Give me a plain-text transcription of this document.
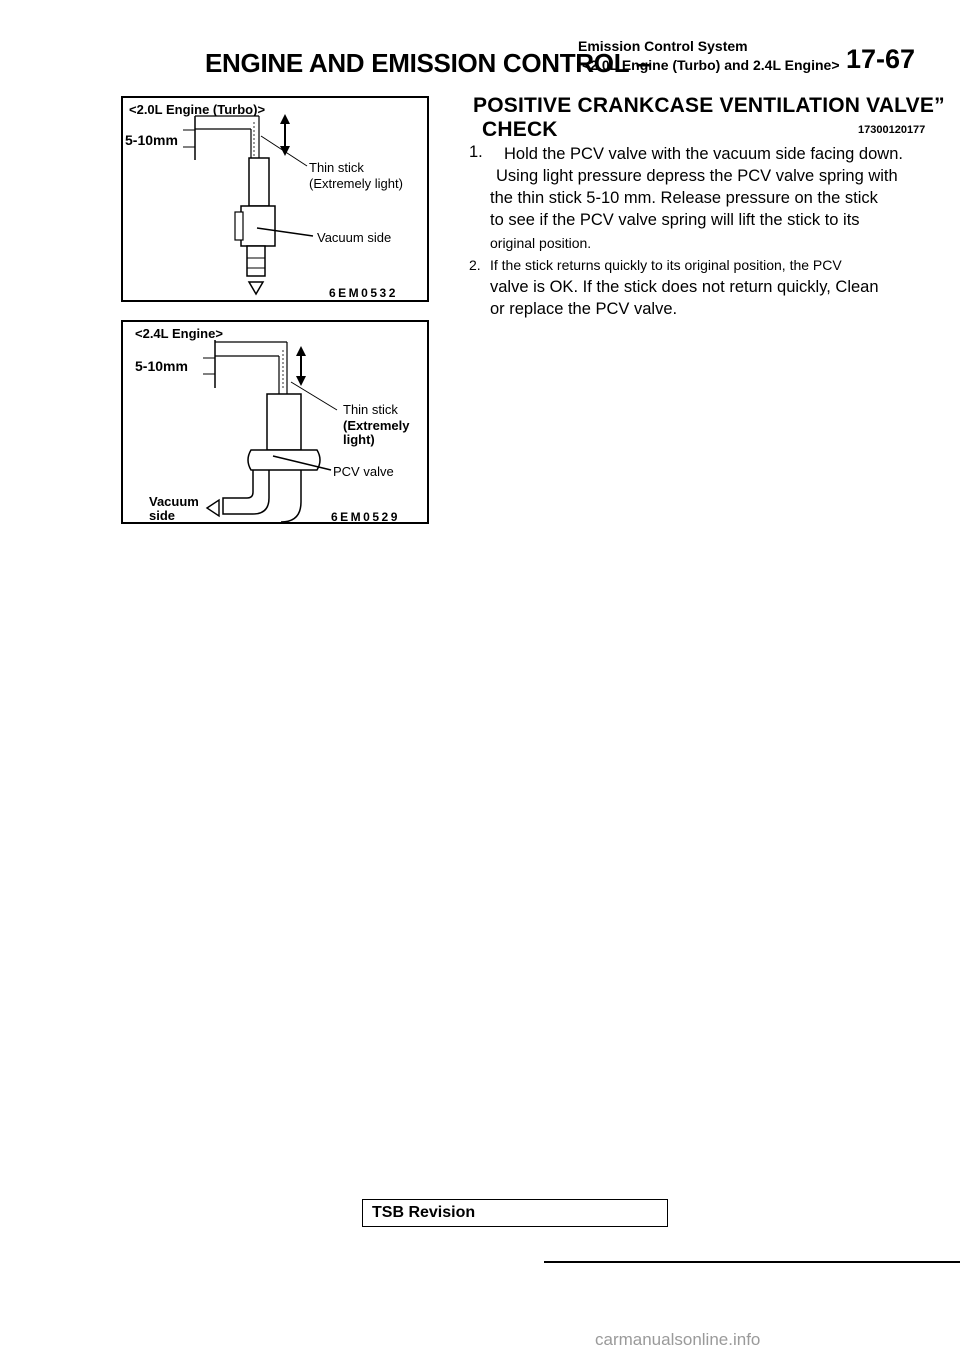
ENGINE AND EMISSION CONTROL –
Emission Control System
<2.0L Engine (Turbo) and 2.4L Engine> 17-67
<2.0L Engine (Turbo)>
5-10mm
Thin stick
(Extremely light)
Vacuum side
6EM0532
<2.4L Engine>
5-10mm
Thin stick
(Extremely
light)
PCV valve
Vacuum
side	6EM0529
POSITIVE CRANKCASE VENTILATION VALVE”
CHECK	17300120177
1. Hold the PCV valve with the vacuum side facing down.
Using light pressure depress the PCV valve spring with
the thin stick 5-10 mm. Release pressure on the stick
to see if the PCV valve spring will lift the stick to its
original position.
2. If the stick returns quickly to its original position, the PCV
valve is OK. If the stick does not return quickly, Clean
or replace the PCV valve.
TSB Revision
carmanualsonline.info
